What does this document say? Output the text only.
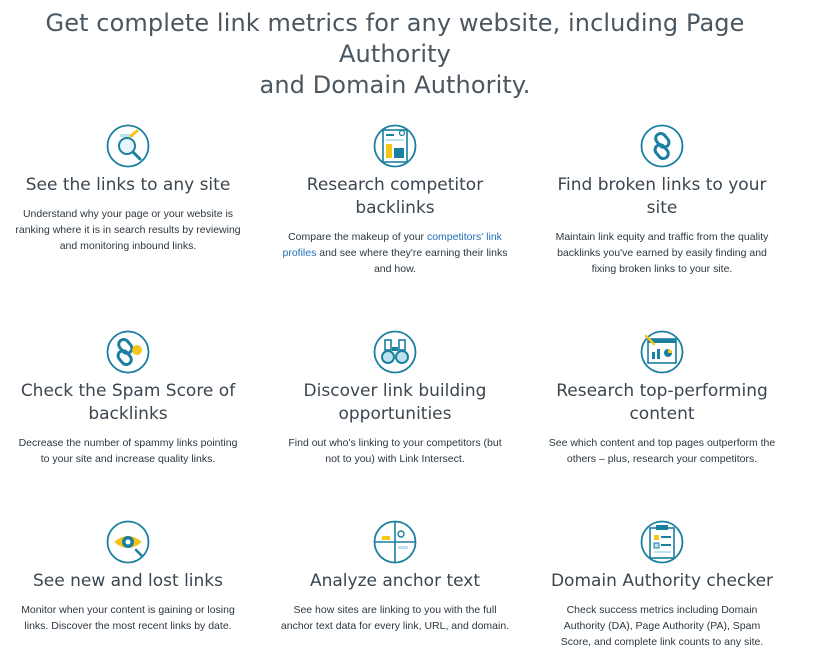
Get complete link metrics for any website, including Page Authority
and Domain Authority.
See the links to any site

Understand why your page or your website is ranking where it is in search results by reviewing and monitoring inbound links.

Research competitor backlinks

Compare the makeup of your competitors' link profiles and see where they're earning their links and how.

Find broken links to your site

Maintain link equity and traffic from the quality backlinks you've earned by easily finding and fixing broken links to your site.

Check the Spam Score of backlinks

Decrease the number of spammy links pointing to your site and increase quality links.

Discover link building opportunities

Find out who's linking to your competitors (but not to you) with Link Intersect.

Research top-performing content

See which content and top pages outperform the others – plus, research your competitors.

See new and lost links

Monitor when your content is gaining or losing links. Discover the most recent links by date.

Analyze anchor text

See how sites are linking to you with the full anchor text data for every link, URL, and domain.

Domain Authority checker

Check success metrics including Domain Authority (DA), Page Authority (PA), Spam Score, and complete link counts to any site.
